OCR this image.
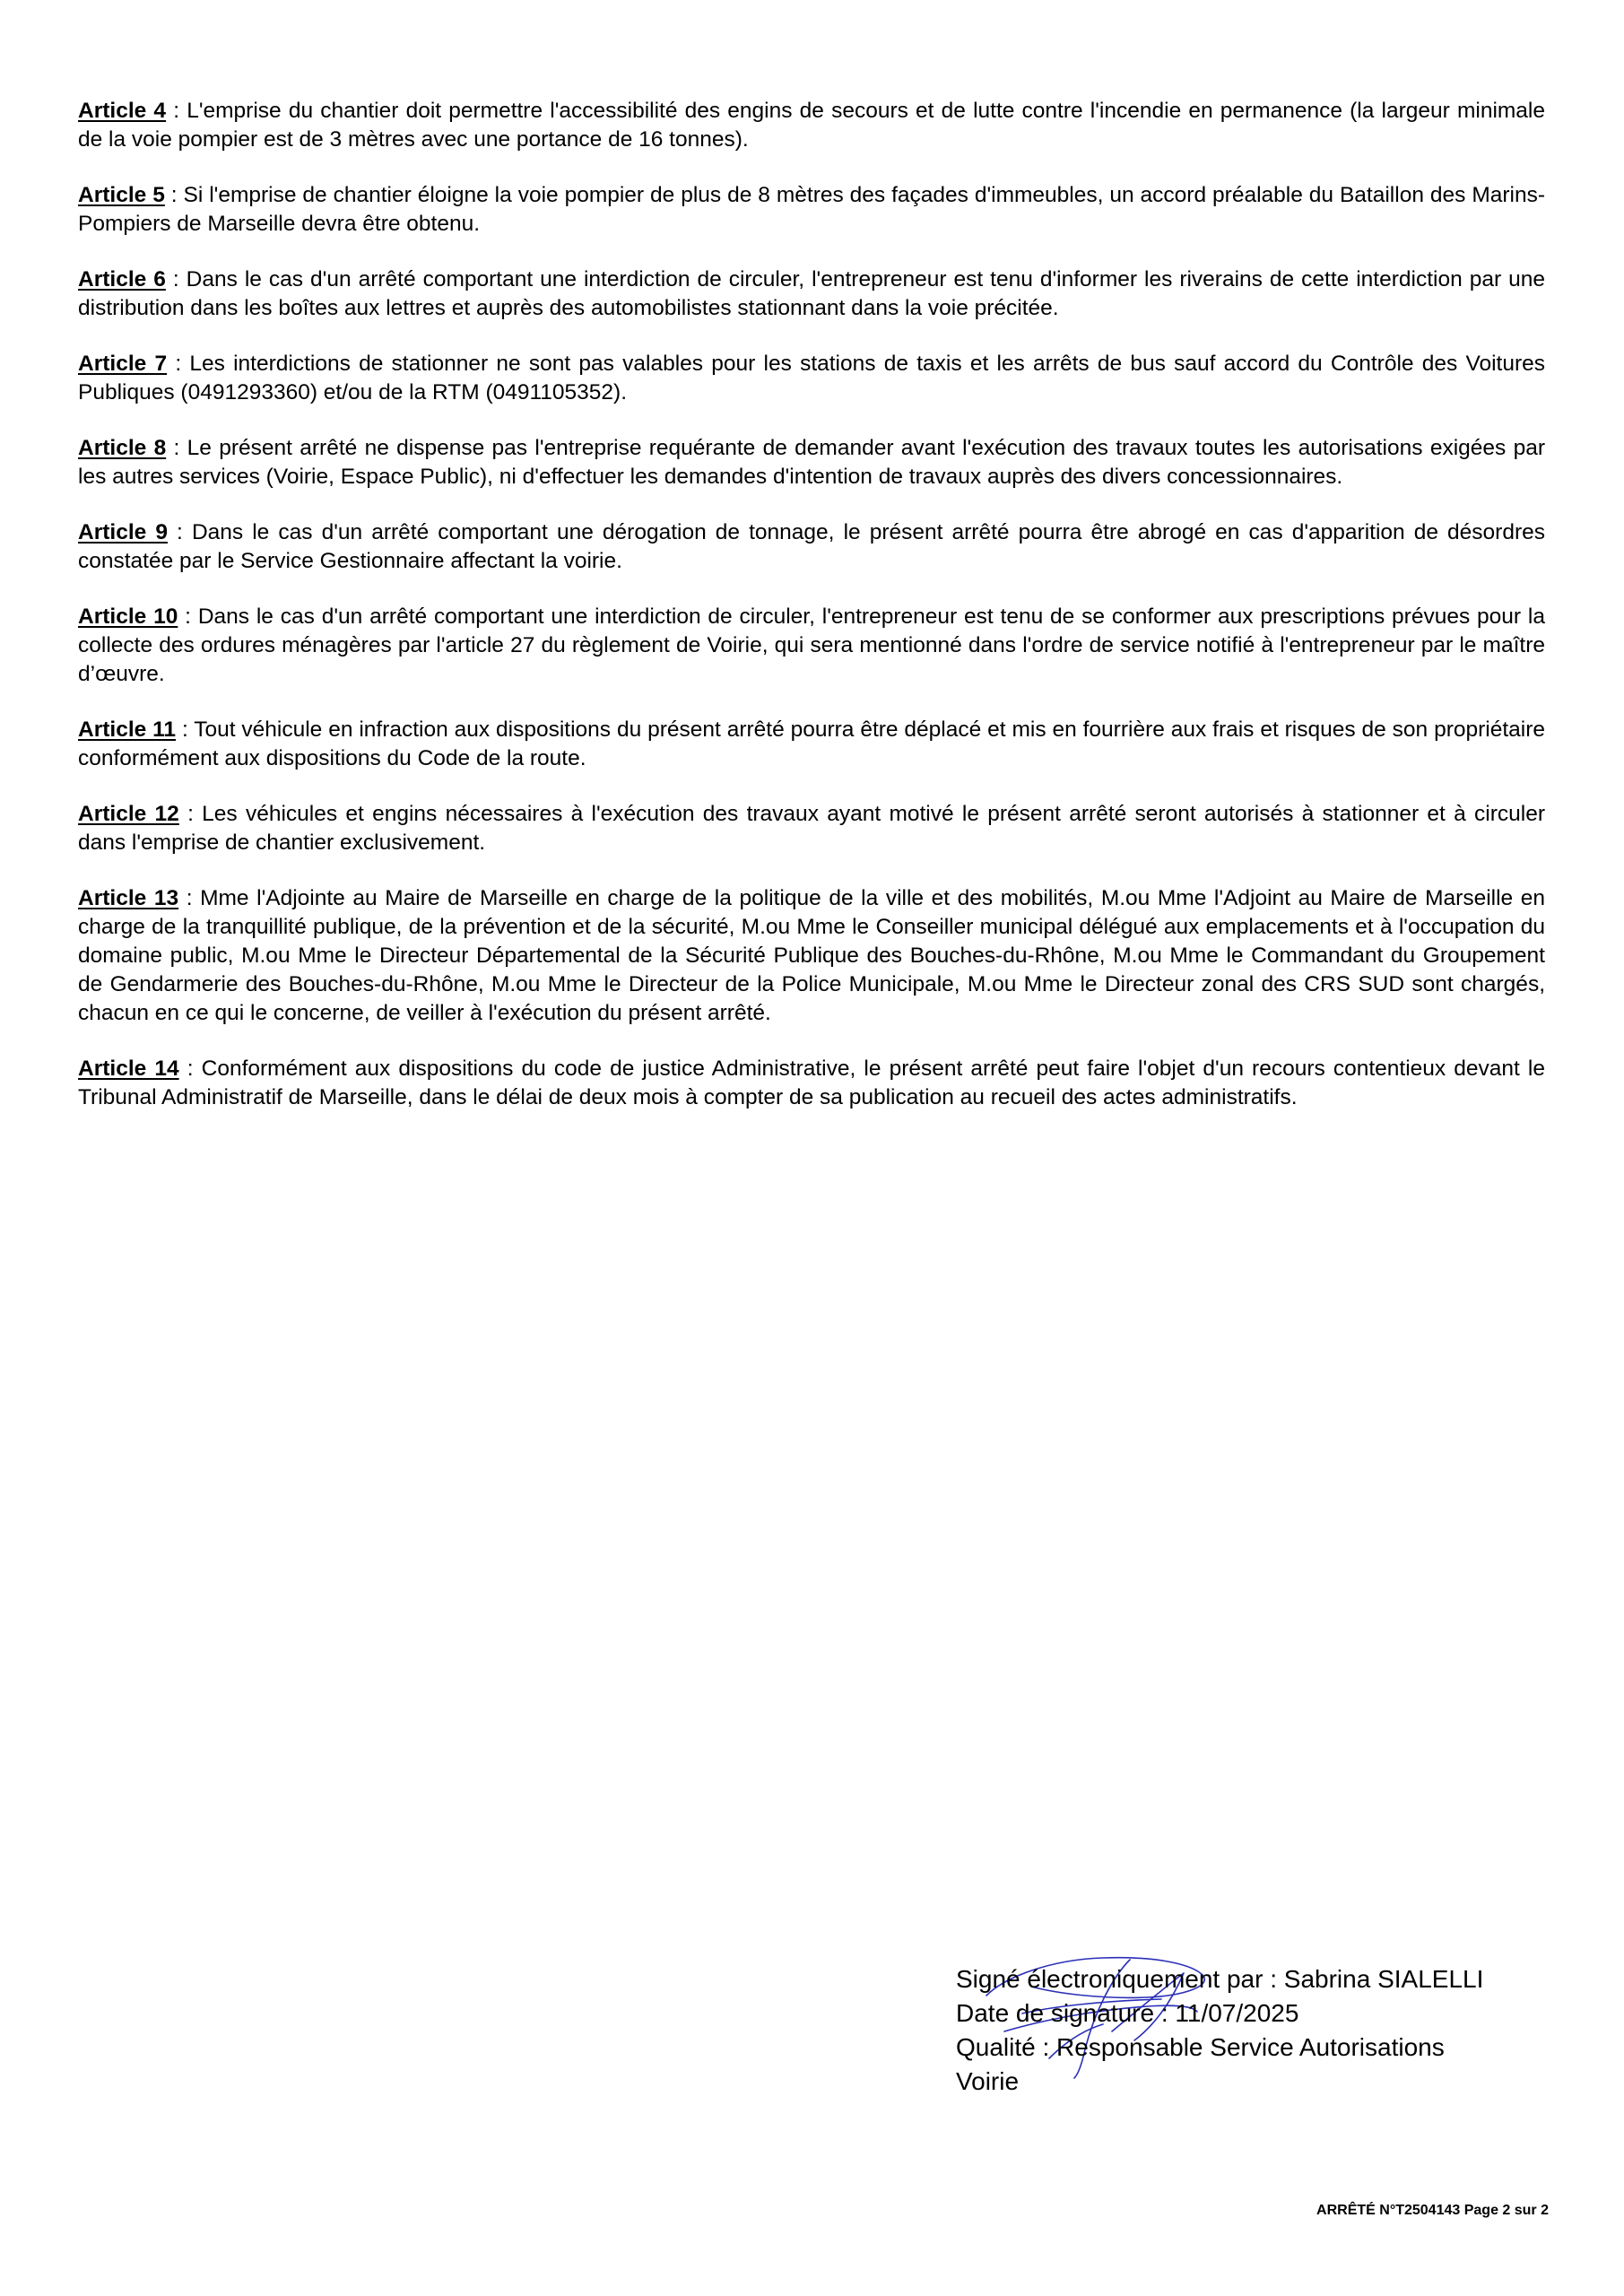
Article 4 : L'emprise du chantier doit permettre l'accessibilité des engins de secours et de lutte contre l'incendie en permanence (la largeur minimale de la voie pompier est de 3 mètres avec une portance de 16 tonnes).

Article 5 : Si l'emprise de chantier éloigne la voie pompier de plus de 8 mètres des façades d'immeubles, un accord préalable du Bataillon des Marins-Pompiers de Marseille devra être obtenu.

Article 6 : Dans le cas d'un arrêté comportant une interdiction de circuler, l'entrepreneur est tenu d'informer les riverains de cette interdiction par une distribution dans les boîtes aux lettres et auprès des automobilistes stationnant dans la voie précitée.

Article 7 : Les interdictions de stationner ne sont pas valables pour les stations de taxis et les arrêts de bus sauf accord du Contrôle des Voitures Publiques (0491293360) et/ou de la RTM (0491105352).

Article 8 : Le présent arrêté ne dispense pas l'entreprise requérante de demander avant l'exécution des travaux toutes les autorisations exigées par les autres services (Voirie, Espace Public), ni d'effectuer les demandes d'intention de travaux auprès des divers concessionnaires.

Article 9 : Dans le cas d'un arrêté comportant une dérogation de tonnage, le présent arrêté pourra être abrogé en cas d'apparition de désordres constatée par le Service Gestionnaire affectant la voirie.

Article 10 : Dans le cas d'un arrêté comportant une interdiction de circuler, l'entrepreneur est tenu de se conformer aux prescriptions prévues pour la collecte des ordures ménagères par l'article 27 du règlement de Voirie, qui sera mentionné dans l'ordre de service notifié à l'entrepreneur par le maître d’œuvre.

Article 11 : Tout véhicule en infraction aux dispositions du présent arrêté pourra être déplacé et mis en fourrière aux frais et risques de son propriétaire conformément aux dispositions du Code de la route.

Article 12 : Les véhicules et engins nécessaires à l'exécution des travaux ayant motivé le présent arrêté seront autorisés à stationner et à circuler dans l'emprise de chantier exclusivement.

Article 13 : Mme l'Adjointe au Maire de Marseille en charge de la politique de la ville et des mobilités, M.ou Mme l'Adjoint au Maire de Marseille en charge de la tranquillité publique, de la prévention et de la sécurité, M.ou Mme le Conseiller municipal délégué aux emplacements et à l'occupation du domaine public, M.ou Mme le Directeur Départemental de la Sécurité Publique des Bouches-du-Rhône, M.ou Mme le Commandant du Groupement de Gendarmerie des Bouches-du-Rhône, M.ou Mme le Directeur de la Police Municipale, M.ou Mme le Directeur zonal des CRS SUD sont chargés, chacun en ce qui le concerne, de veiller à l'exécution du présent arrêté.

Article 14 : Conformément aux dispositions du code de justice Administrative, le présent arrêté peut faire l'objet d'un recours contentieux devant le Tribunal Administratif de Marseille, dans le délai de deux mois à compter de sa publication au recueil des actes administratifs.

Signé électroniquement par : Sabrina SIALELLI
Date de signature : 11/07/2025
Qualité : Responsable Service Autorisations
Voirie
ARRÊTÉ N°T2504143 Page 2 sur 2
